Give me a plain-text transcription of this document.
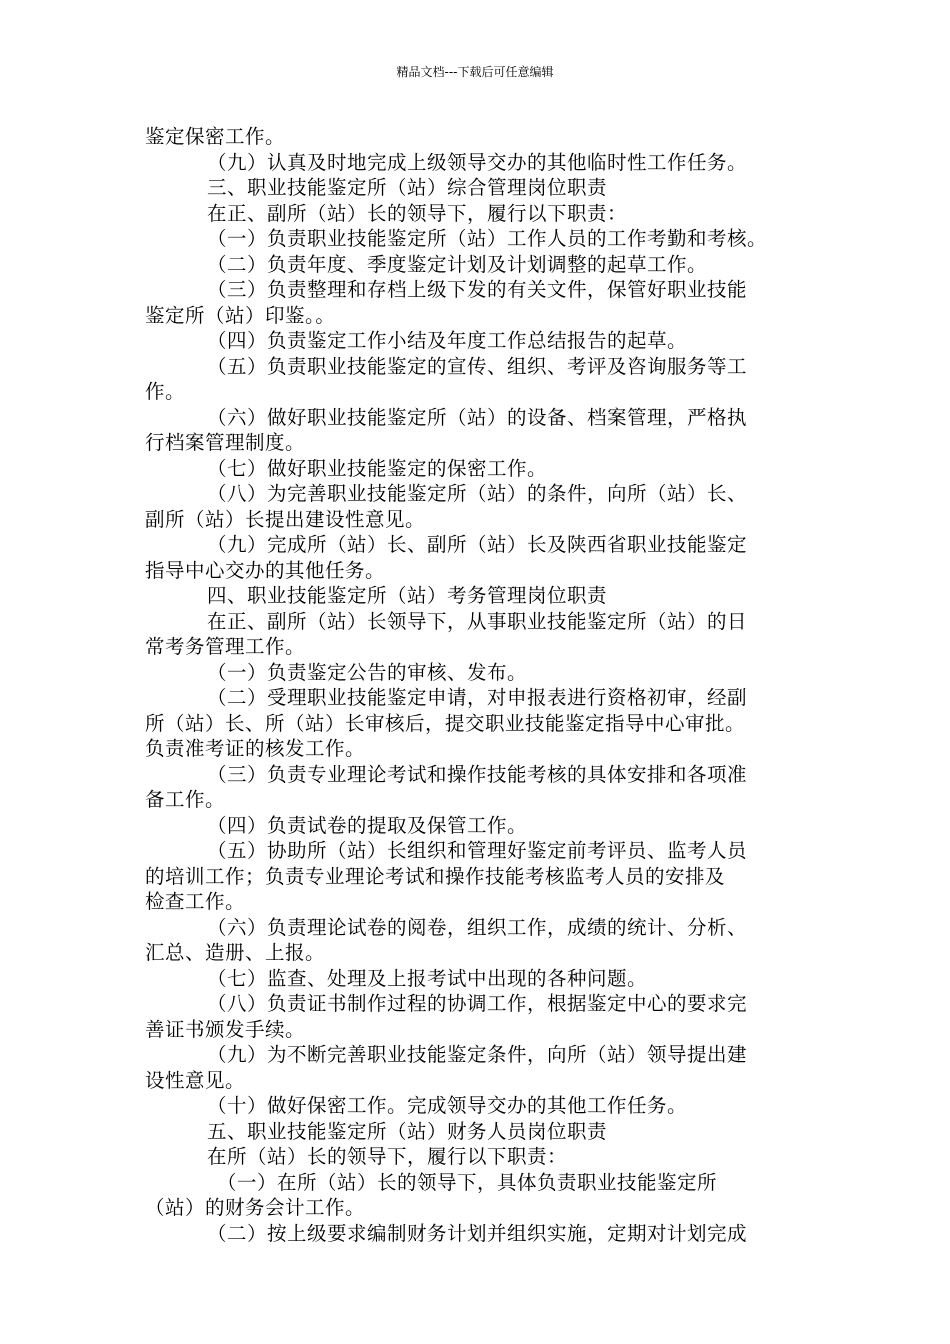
精品文档---下载后可任意编辑
鉴定保密工作。
（九）认真及时地完成上级领导交办的其他临时性工作任务。
三、职业技能鉴定所（站）综合管理岗位职责
在正、副所（站）长的领导下，履行以下职责：
（一）负责职业技能鉴定所（站）工作人员的工作考勤和考核。
（二）负责年度、季度鉴定计划及计划调整的起草工作。
（三）负责整理和存档上级下发的有关文件，保管好职业技能
鉴定所（站）印鉴。。
（四）负责鉴定工作小结及年度工作总结报告的起草。
（五）负责职业技能鉴定的宣传、组织、考评及咨询服务等工
作。
（六）做好职业技能鉴定所（站）的设备、档案管理，严格执
行档案管理制度。
（七）做好职业技能鉴定的保密工作。
（八）为完善职业技能鉴定所（站）的条件，向所（站）长、
副所（站）长提出建设性意见。
（九）完成所（站）长、副所（站）长及陕西省职业技能鉴定
指导中心交办的其他任务。
四、职业技能鉴定所（站）考务管理岗位职责
在正、副所（站）长领导下，从事职业技能鉴定所（站）的日
常考务管理工作。
（一）负责鉴定公告的审核、发布。
（二）受理职业技能鉴定申请，对申报表进行资格初审，经副
所（站）长、所（站）长审核后，提交职业技能鉴定指导中心审批。
负责准考证的核发工作。
（三）负责专业理论考试和操作技能考核的具体安排和各项准
备工作。
（四）负责试卷的提取及保管工作。
（五）协助所（站）长组织和管理好鉴定前考评员、监考人员
的培训工作；负责专业理论考试和操作技能考核监考人员的安排及
检查工作。
（六）负责理论试卷的阅卷，组织工作，成绩的统计、分析、
汇总、造册、上报。
（七）监查、处理及上报考试中出现的各种问题。
（八）负责证书制作过程的协调工作，根据鉴定中心的要求完
善证书颁发手续。
（九）为不断完善职业技能鉴定条件，向所（站）领导提出建
设性意见。
（十）做好保密工作。完成领导交办的其他工作任务。
五、职业技能鉴定所（站）财务人员岗位职责
在所（站）长的领导下，履行以下职责：
（一）在所（站）长的领导下，具体负责职业技能鉴定所
（站）的财务会计工作。
（二）按上级要求编制财务计划并组织实施，定期对计划完成
